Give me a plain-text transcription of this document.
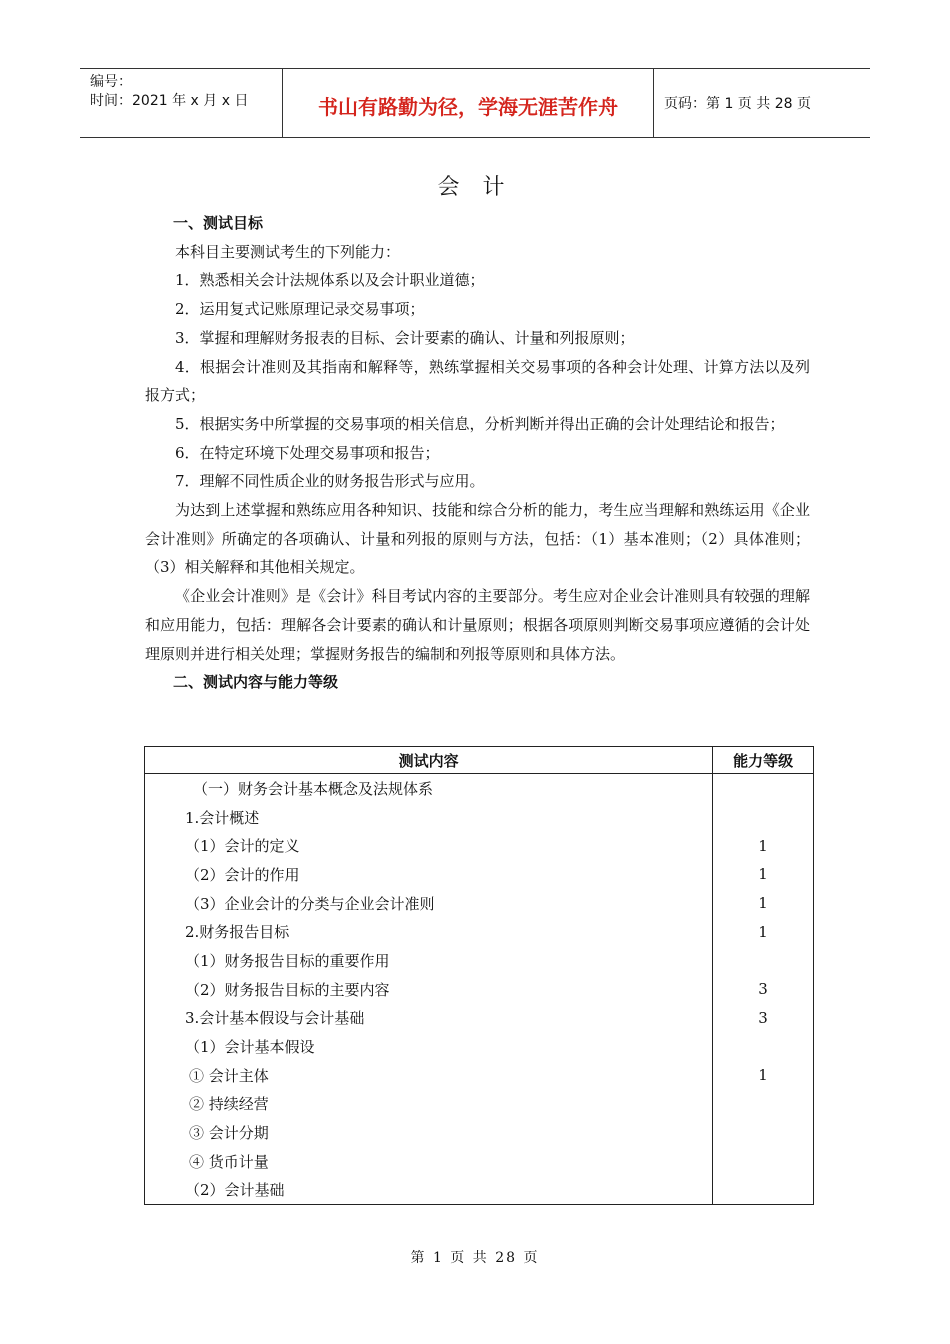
编号：
时间：2021 年 x 月 x 日	书山有路勤为径，学海无涯苦作舟	页码：第 1 页 共 28 页
会 计
一、测试目标

本科目主要测试考生的下列能力：

1．熟悉相关会计法规体系以及会计职业道德；

2．运用复式记账原理记录交易事项；

3．掌握和理解财务报表的目标、会计要素的确认、计量和列报原则；

4．根据会计准则及其指南和解释等，熟练掌握相关交易事项的各种会计处理、计算方法以及列报方式；

5．根据实务中所掌握的交易事项的相关信息，分析判断并得出正确的会计处理结论和报告；

6．在特定环境下处理交易事项和报告；

7．理解不同性质企业的财务报告形式与应用。

为达到上述掌握和熟练应用各种知识、技能和综合分析的能力，考生应当理解和熟练运用《企业会计准则》所确定的各项确认、计量和列报的原则与方法，包括：（1）基本准则；（2）具体准则；（3）相关解释和其他相关规定。

《企业会计准则》是《会计》科目考试内容的主要部分。考生应对企业会计准则具有较强的理解和应用能力，包括：理解各会计要素的确认和计量原则；根据各项原则判断交易事项应遵循的会计处理原则并进行相关处理；掌握财务报告的编制和列报等原则和具体方法。

二、测试内容与能力等级
测试内容	能力等级
（一）财务会计基本概念及法规体系	
1.会计概述	
（1）会计的定义	1
（2）会计的作用	1
（3）企业会计的分类与企业会计准则	1
2.财务报告目标	1
（1）财务报告目标的重要作用	
（2）财务报告目标的主要内容	3
3.会计基本假设与会计基础	3
（1）会计基本假设	
① 会计主体	1
② 持续经营	
③ 会计分期	
④ 货币计量	
（2）会计基础	
第 1 页 共 28 页
